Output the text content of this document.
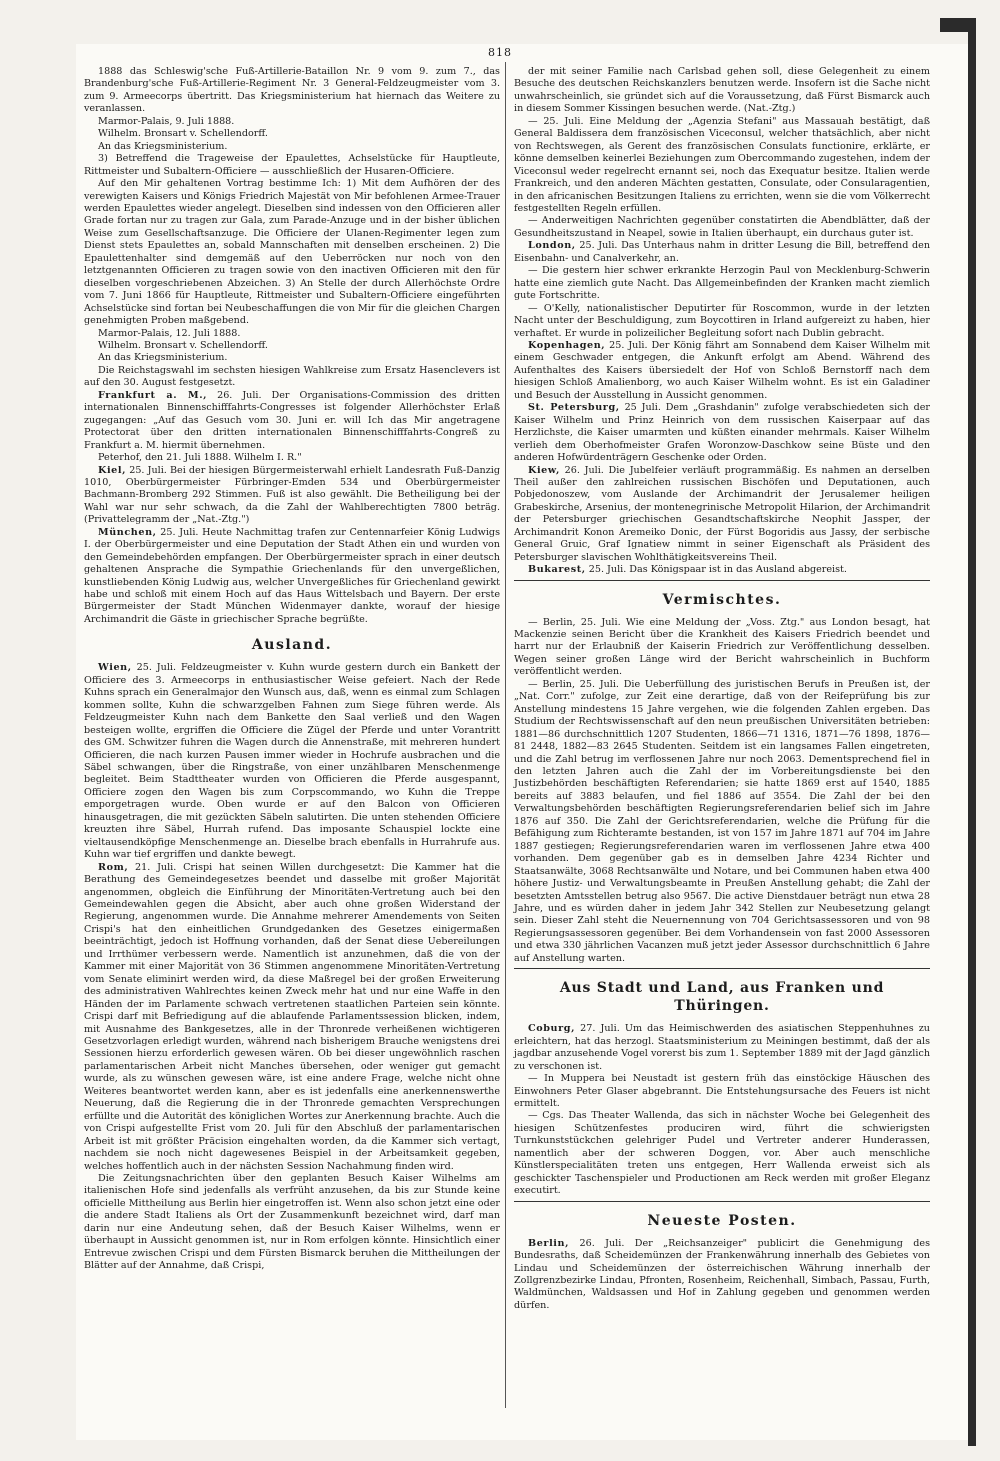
818

1888 das Schleswig'sche Fuß-Artillerie-Bataillon Nr. 9 vom 9. zum 7., das Brandenburg'sche Fuß-Artillerie-Regiment Nr. 3 General-Feldzeugmeister vom 3. zum 9. Armeecorps übertritt. Das Kriegsministerium hat hiernach das Weitere zu veranlassen.

Marmor-Palais, 9. Juli 1888.

Wilhelm. Bronsart v. Schellendorff.

An das Kriegsministerium.

3) Betreffend die Trageweise der Epaulettes, Achselstücke für Hauptleute, Rittmeister und Subaltern-Officiere — ausschließlich der Husaren-Officiere.

Auf den Mir gehaltenen Vortrag bestimme Ich: 1) Mit dem Aufhören der des verewigten Kaisers und Königs Friedrich Majestät von Mir befohlenen Armee-Trauer werden Epaulettes wieder angelegt. Dieselben sind indessen von den Officieren aller Grade fortan nur zu tragen zur Gala, zum Parade-Anzuge und in der bisher üblichen Weise zum Gesellschaftsanzuge. Die Officiere der Ulanen-Regimenter legen zum Dienst stets Epaulettes an, sobald Mannschaften mit denselben erscheinen. 2) Die Epaulettenhalter sind demgemäß auf den Ueberröcken nur noch von den letztgenannten Officieren zu tragen sowie von den inactiven Officieren mit den für dieselben vorgeschriebenen Abzeichen. 3) An Stelle der durch Allerhöchste Ordre vom 7. Juni 1866 für Hauptleute, Rittmeister und Subaltern-Officiere eingeführten Achselstücke sind fortan bei Neubeschaffungen die von Mir für die gleichen Chargen genehmigten Proben maßgebend.

Marmor-Palais, 12. Juli 1888.

Wilhelm. Bronsart v. Schellendorff.

An das Kriegsministerium.

Die Reichstagswahl im sechsten hiesigen Wahlkreise zum Ersatz Hasenclevers ist auf den 30. August festgesetzt.

Frankfurt a. M., 26. Juli. Der Organisations-Commission des dritten internationalen Binnenschifffahrts-Congresses ist folgender Allerhöchster Erlaß zugegangen: „Auf das Gesuch vom 30. Juni er. will Ich das Mir angetragene Protectorat über den dritten internationalen Binnenschifffahrts-Congreß zu Frankfurt a. M. hiermit übernehmen.

Peterhof, den 21. Juli 1888. Wilhelm I. R."

Kiel, 25. Juli. Bei der hiesigen Bürgermeisterwahl erhielt Landesrath Fuß-Danzig 1010, Oberbürgermeister Fürbringer-Emden 534 und Oberbürgermeister Bachmann-Bromberg 292 Stimmen. Fuß ist also gewählt. Die Betheiligung bei der Wahl war nur sehr schwach, da die Zahl der Wahlberechtigten 7800 beträg. (Privattelegramm der „Nat.-Ztg.")

München, 25. Juli. Heute Nachmittag trafen zur Centennarfeier König Ludwigs I. der Oberbürgermeister und eine Deputation der Stadt Athen ein und wurden von den Gemeindebehörden empfangen. Der Oberbürgermeister sprach in einer deutsch gehaltenen Ansprache die Sympathie Griechenlands für den unvergeßlichen, kunstliebenden König Ludwig aus, welcher Unvergeßliches für Griechenland gewirkt habe und schloß mit einem Hoch auf das Haus Wittelsbach und Bayern. Der erste Bürgermeister der Stadt München Widenmayer dankte, worauf der hiesige Archimandrit die Gäste in griechischer Sprache begrüßte.

Ausland.

Wien, 25. Juli. Feldzeugmeister v. Kuhn wurde gestern durch ein Bankett der Officiere des 3. Armeecorps in enthusiastischer Weise gefeiert. Nach der Rede Kuhns sprach ein Generalmajor den Wunsch aus, daß, wenn es einmal zum Schlagen kommen sollte, Kuhn die schwarzgelben Fahnen zum Siege führen werde. Als Feldzeugmeister Kuhn nach dem Bankette den Saal verließ und den Wagen besteigen wollte, ergriffen die Officiere die Zügel der Pferde und unter Vorantritt des GM. Schwitzer fuhren die Wagen durch die Annenstraße, mit mehreren hundert Officieren, die nach kurzen Pausen immer wieder in Hochrufe ausbrachen und die Säbel schwangen, über die Ringstraße, von einer unzählbaren Menschenmenge begleitet. Beim Stadttheater wurden von Officieren die Pferde ausgespannt, Officiere zogen den Wagen bis zum Corpscommando, wo Kuhn die Treppe emporgetragen wurde. Oben wurde er auf den Balcon von Officieren hinausgetragen, die mit gezückten Säbeln salutirten. Die unten stehenden Officiere kreuzten ihre Säbel, Hurrah rufend. Das imposante Schauspiel lockte eine vieltausendköpfige Menschenmenge an. Dieselbe brach ebenfalls in Hurrahrufe aus. Kuhn war tief ergriffen und dankte bewegt.

Rom, 21. Juli. Crispi hat seinen Willen durchgesetzt: Die Kammer hat die Berathung des Gemeindegesetzes beendet und dasselbe mit großer Majorität angenommen, obgleich die Einführung der Minoritäten-Vertretung auch bei den Gemeindewahlen gegen die Absicht, aber auch ohne großen Widerstand der Regierung, angenommen wurde. Die Annahme mehrerer Amendements von Seiten Crispi's hat den einheitlichen Grundgedanken des Gesetzes einigermaßen beeinträchtigt, jedoch ist Hoffnung vorhanden, daß der Senat diese Uebereilungen und Irrthümer verbessern werde. Namentlich ist anzunehmen, daß die von der Kammer mit einer Majorität von 36 Stimmen angenommene Minoritäten-Vertretung vom Senate eliminirt werden wird, da diese Maßregel bei der großen Erweiterung des administrativen Wahlrechtes keinen Zweck mehr hat und nur eine Waffe in den Händen der im Parlamente schwach vertretenen staatlichen Parteien sein könnte. Crispi darf mit Befriedigung auf die ablaufende Parlamentssession blicken, indem, mit Ausnahme des Bankgesetzes, alle in der Thronrede verheißenen wichtigeren Gesetzvorlagen erledigt wurden, während nach bisherigem Brauche wenigstens drei Sessionen hierzu erforderlich gewesen wären. Ob bei dieser ungewöhnlich raschen parlamentarischen Arbeit nicht Manches übersehen, oder weniger gut gemacht wurde, als zu wünschen gewesen wäre, ist eine andere Frage, welche nicht ohne Weiteres beantwortet werden kann, aber es ist jedenfalls eine anerkennenswerthe Neuerung, daß die Regierung die in der Thronrede gemachten Versprechungen erfüllte und die Autorität des königlichen Wortes zur Anerkennung brachte. Auch die von Crispi aufgestellte Frist vom 20. Juli für den Abschluß der parlamentarischen Arbeit ist mit größter Präcision eingehalten worden, da die Kammer sich vertagt, nachdem sie noch nicht dagewesenes Beispiel in der Arbeitsamkeit gegeben, welches hoffentlich auch in der nächsten Session Nachahmung finden wird.

Die Zeitungsnachrichten über den geplanten Besuch Kaiser Wilhelms am italienischen Hofe sind jedenfalls als verfrüht anzusehen, da bis zur Stunde keine officielle Mittheilung aus Berlin hier eingetroffen ist. Wenn also schon jetzt eine oder die andere Stadt Italiens als Ort der Zusammenkunft bezeichnet wird, darf man darin nur eine Andeutung sehen, daß der Besuch Kaiser Wilhelms, wenn er überhaupt in Aussicht genommen ist, nur in Rom erfolgen könnte. Hinsichtlich einer Entrevue zwischen Crispi und dem Fürsten Bismarck beruhen die Mittheilungen der Blätter auf der Annahme, daß Crispi,

der mit seiner Familie nach Carlsbad gehen soll, diese Gelegenheit zu einem Besuche des deutschen Reichskanzlers benutzen werde. Insofern ist die Sache nicht unwahrscheinlich, sie gründet sich auf die Voraussetzung, daß Fürst Bismarck auch in diesem Sommer Kissingen besuchen werde. (Nat.-Ztg.)

— 25. Juli. Eine Meldung der „Agenzia Stefani" aus Massauah bestätigt, daß General Baldissera dem französischen Viceconsul, welcher thatsächlich, aber nicht von Rechtswegen, als Gerent des französischen Consulats functionire, erklärte, er könne demselben keinerlei Beziehungen zum Obercommando zugestehen, indem der Viceconsul weder regelrecht ernannt sei, noch das Exequatur besitze. Italien werde Frankreich, und den anderen Mächten gestatten, Consulate, oder Consularagentien, in den africanischen Besitzungen Italiens zu errichten, wenn sie die vom Völkerrecht festgestellten Regeln erfüllen.

— Anderweitigen Nachrichten gegenüber constatirten die Abendblätter, daß der Gesundheitszustand in Neapel, sowie in Italien überhaupt, ein durchaus guter ist.

London, 25. Juli. Das Unterhaus nahm in dritter Lesung die Bill, betreffend den Eisenbahn- und Canalverkehr, an.

— Die gestern hier schwer erkrankte Herzogin Paul von Mecklenburg-Schwerin hatte eine ziemlich gute Nacht. Das Allgemeinbefinden der Kranken macht ziemlich gute Fortschritte.

— O'Kelly, nationalistischer Deputirter für Roscommon, wurde in der letzten Nacht unter der Beschuldigung, zum Boycottiren in Irland aufgereizt zu haben, hier verhaftet. Er wurde in polizeilicher Begleitung sofort nach Dublin gebracht.

Kopenhagen, 25. Juli. Der König fährt am Sonnabend dem Kaiser Wilhelm mit einem Geschwader entgegen, die Ankunft erfolgt am Abend. Während des Aufenthaltes des Kaisers übersiedelt der Hof von Schloß Bernstorff nach dem hiesigen Schloß Amalienborg, wo auch Kaiser Wilhelm wohnt. Es ist ein Galadiner und Besuch der Ausstellung in Aussicht genommen.

St. Petersburg, 25 Juli. Dem „Grashdanin" zufolge verabschiedeten sich der Kaiser Wilhelm und Prinz Heinrich von dem russischen Kaiserpaar auf das Herzlichste, die Kaiser umarmten und küßten einander mehrmals. Kaiser Wilhelm verlieh dem Oberhofmeister Grafen Woronzow-Daschkow seine Büste und den anderen Hofwürdenträgern Geschenke oder Orden.

Kiew, 26. Juli. Die Jubelfeier verläuft programmäßig. Es nahmen an derselben Theil außer den zahlreichen russischen Bischöfen und Deputationen, auch Pobjedonoszew, vom Auslande der Archimandrit der Jerusalemer heiligen Grabeskirche, Arsenius, der montenegrinische Metropolit Hilarion, der Archimandrit der Petersburger griechischen Gesandtschaftskirche Neophit Jassper, der Archimandrit Konon Aremeiko Donic, der Fürst Bogoridis aus Jassy, der serbische General Gruic, Graf Ignatiew nimmt in seiner Eigenschaft als Präsident des Petersburger slavischen Wohlthätigkeitsvereins Theil.

Bukarest, 25. Juli. Das Königspaar ist in das Ausland abgereist.

Vermischtes.

— Berlin, 25. Juli. Wie eine Meldung der „Voss. Ztg." aus London besagt, hat Mackenzie seinen Bericht über die Krankheit des Kaisers Friedrich beendet und harrt nur der Erlaubniß der Kaiserin Friedrich zur Veröffentlichung desselben. Wegen seiner großen Länge wird der Bericht wahrscheinlich in Buchform veröffentlicht werden.

— Berlin, 25. Juli. Die Ueberfüllung des juristischen Berufs in Preußen ist, der „Nat. Corr." zufolge, zur Zeit eine derartige, daß von der Reifeprüfung bis zur Anstellung mindestens 15 Jahre vergehen, wie die folgenden Zahlen ergeben. Das Studium der Rechtswissenschaft auf den neun preußischen Universitäten betrieben: 1881—86 durchschnittlich 1207 Studenten, 1866—71 1316, 1871—76 1898, 1876—81 2448, 1882—83 2645 Studenten. Seitdem ist ein langsames Fallen eingetreten, und die Zahl betrug im verflossenen Jahre nur noch 2063. Dementsprechend fiel in den letzten Jahren auch die Zahl der im Vorbereitungsdienste bei den Justizbehörden beschäftigten Referendarien; sie hatte 1869 erst auf 1540, 1885 bereits auf 3883 belaufen, und fiel 1886 auf 3554. Die Zahl der bei den Verwaltungsbehörden beschäftigten Regierungsreferendarien belief sich im Jahre 1876 auf 350. Die Zahl der Gerichtsreferendarien, welche die Prüfung für die Befähigung zum Richteramte bestanden, ist von 157 im Jahre 1871 auf 704 im Jahre 1887 gestiegen; Regierungsreferendarien waren im verflossenen Jahre etwa 400 vorhanden. Dem gegenüber gab es in demselben Jahre 4234 Richter und Staatsanwälte, 3068 Rechtsanwälte und Notare, und bei Communen haben etwa 400 höhere Justiz- und Verwaltungsbeamte in Preußen Anstellung gehabt; die Zahl der besetzten Amtsstellen betrug also 9567. Die active Dienstdauer beträgt nun etwa 28 Jahre, und es würden daher in jedem Jahr 342 Stellen zur Neubesetzung gelangt sein. Dieser Zahl steht die Neuernennung von 704 Gerichtsassessoren und von 98 Regierungsassessoren gegenüber. Bei dem Vorhandensein von fast 2000 Assessoren und etwa 330 jährlichen Vacanzen muß jetzt jeder Assessor durchschnittlich 6 Jahre auf Anstellung warten.

Aus Stadt und Land, aus Franken und Thüringen.

Coburg, 27. Juli. Um das Heimischwerden des asiatischen Steppenhuhnes zu erleichtern, hat das herzogl. Staatsministerium zu Meiningen bestimmt, daß der als jagdbar anzusehende Vogel vorerst bis zum 1. September 1889 mit der Jagd gänzlich zu verschonen ist.

— In Muppera bei Neustadt ist gestern früh das einstöckige Häuschen des Einwohners Peter Glaser abgebrannt. Die Entstehungsursache des Feuers ist nicht ermittelt.

— Cgs. Das Theater Wallenda, das sich in nächster Woche bei Gelegenheit des hiesigen Schützenfestes produciren wird, führt die schwierigsten Turnkunststückchen gelehriger Pudel und Vertreter anderer Hunderassen, namentlich aber der schweren Doggen, vor. Aber auch menschliche Künstlerspecialitäten treten uns entgegen, Herr Wallenda erweist sich als geschickter Taschenspieler und Productionen am Reck werden mit großer Eleganz executirt.

Neueste Posten.

Berlin, 26. Juli. Der „Reichsanzeiger" publicirt die Genehmigung des Bundesraths, daß Scheidemünzen der Frankenwährung innerhalb des Gebietes von Lindau und Scheidemünzen der österreichischen Währung innerhalb der Zollgrenzbezirke Lindau, Pfronten, Rosenheim, Reichenhall, Simbach, Passau, Furth, Waldmünchen, Waldsassen und Hof in Zahlung gegeben und genommen werden dürfen.
